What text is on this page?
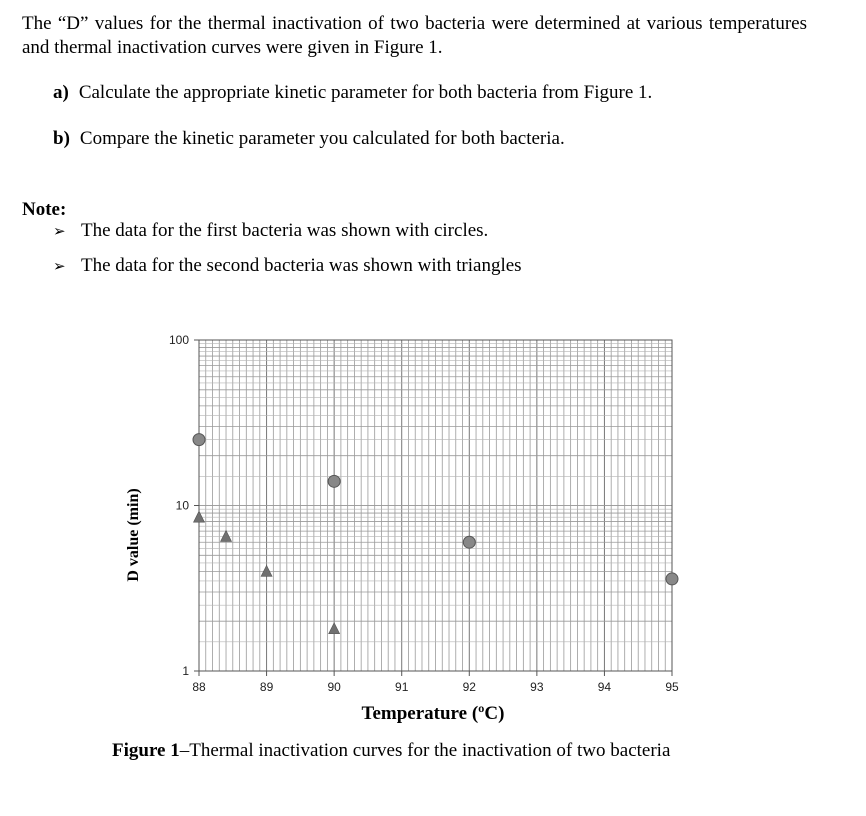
The “D” values for the thermal inactivation of two bacteria were determined at various temperatures and thermal inactivation curves were given in Figure 1.
a) Calculate the appropriate kinetic parameter for both bacteria from Figure 1.
b) Compare the kinetic parameter you calculated for both bacteria.
Note:
➢ The data for the first bacteria was shown with circles.
➢ The data for the second bacteria was shown with triangles
1
10
100
88	89	90	91	92	93	94	95
D value (min)
Temperature (ºC)
Figure 1–Thermal inactivation curves for the inactivation of two bacteria
